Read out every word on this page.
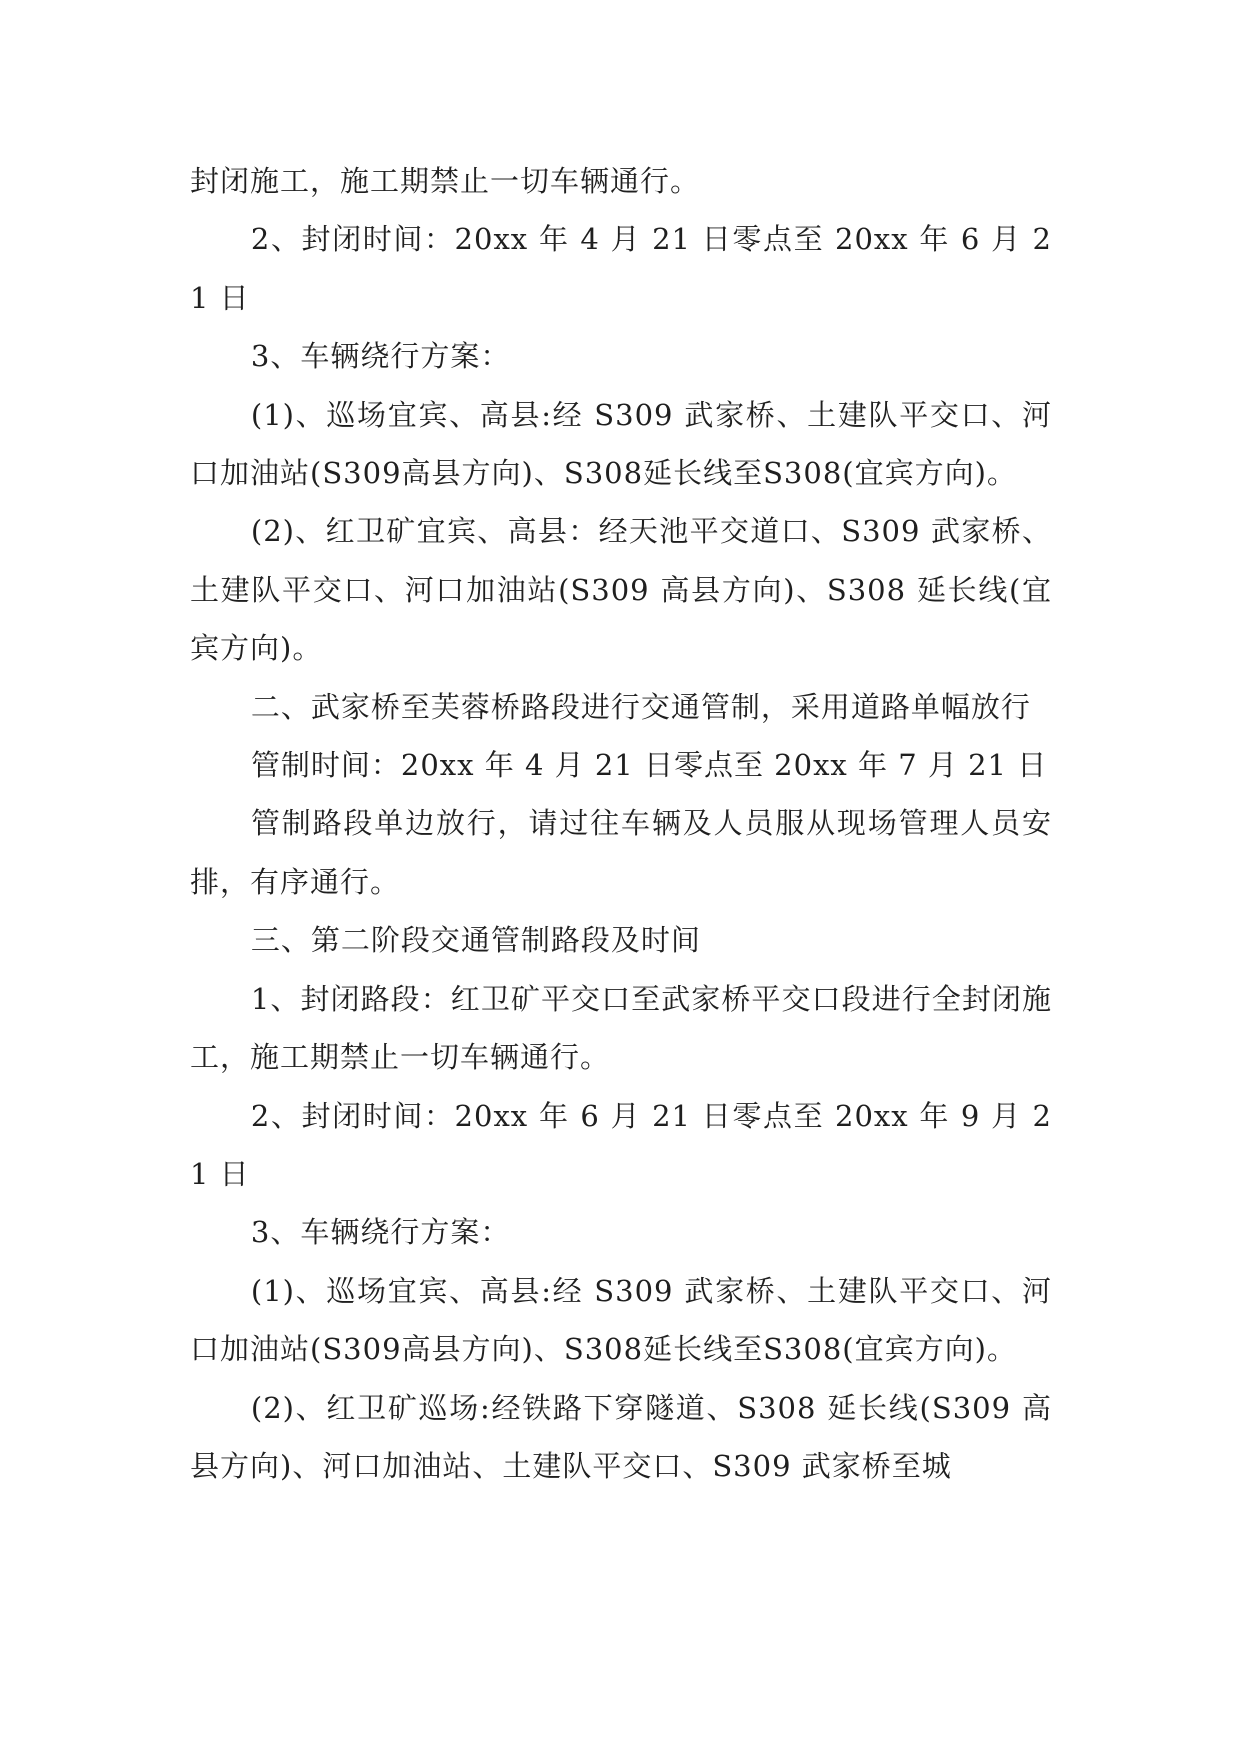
封闭施工，施工期禁止一切车辆通行。

2、封闭时间：20xx 年 4 月 21 日零点至 20xx 年 6 月 21 日

3、车辆绕行方案：

(1)、巡场宜宾、高县:经 S309 武家桥、土建队平交口、河口加油站(S309高县方向)、S308延长线至S308(宜宾方向)。

(2)、红卫矿宜宾、高县：经天池平交道口、S309 武家桥、土建队平交口、河口加油站(S309 高县方向)、S308 延长线(宜宾方向)。

二、武家桥至芙蓉桥路段进行交通管制，采用道路单幅放行

管制时间：20xx 年 4 月 21 日零点至 20xx 年 7 月 21 日

管制路段单边放行，请过往车辆及人员服从现场管理人员安排，有序通行。

三、第二阶段交通管制路段及时间

1、封闭路段：红卫矿平交口至武家桥平交口段进行全封闭施工，施工期禁止一切车辆通行。

2、封闭时间：20xx 年 6 月 21 日零点至 20xx 年 9 月 21 日

3、车辆绕行方案：

(1)、巡场宜宾、高县:经 S309 武家桥、土建队平交口、河口加油站(S309高县方向)、S308延长线至S308(宜宾方向)。

(2)、红卫矿巡场:经铁路下穿隧道、S308 延长线(S309 高县方向)、河口加油站、土建队平交口、S309 武家桥至城
